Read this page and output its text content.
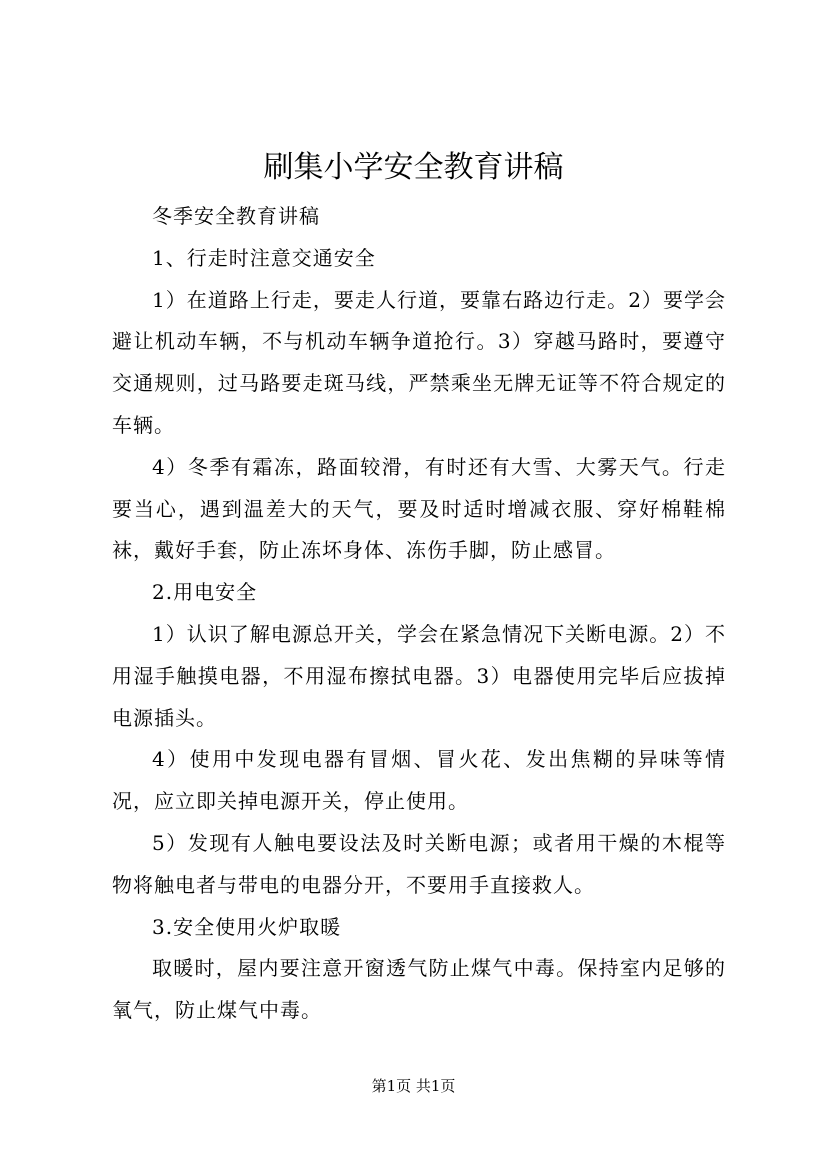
刷集小学安全教育讲稿

冬季安全教育讲稿

1、行走时注意交通安全

1）在道路上行走，要走人行道，要靠右路边行走。2）要学会避让机动车辆，不与机动车辆争道抢行。3）穿越马路时，要遵守交通规则，过马路要走斑马线，严禁乘坐无牌无证等不符合规定的车辆。

4）冬季有霜冻，路面较滑，有时还有大雪、大雾天气。行走要当心，遇到温差大的天气，要及时适时增减衣服、穿好棉鞋棉袜，戴好手套，防止冻坏身体、冻伤手脚，防止感冒。

2.用电安全

1）认识了解电源总开关，学会在紧急情况下关断电源。2）不用湿手触摸电器，不用湿布擦拭电器。3）电器使用完毕后应拔掉电源插头。

4）使用中发现电器有冒烟、冒火花、发出焦糊的异味等情况，应立即关掉电源开关，停止使用。

5）发现有人触电要设法及时关断电源；或者用干燥的木棍等物将触电者与带电的电器分开，不要用手直接救人。

3.安全使用火炉取暖

取暖时，屋内要注意开窗透气防止煤气中毒。保持室内足够的氧气，防止煤气中毒。

第1页 共1页
